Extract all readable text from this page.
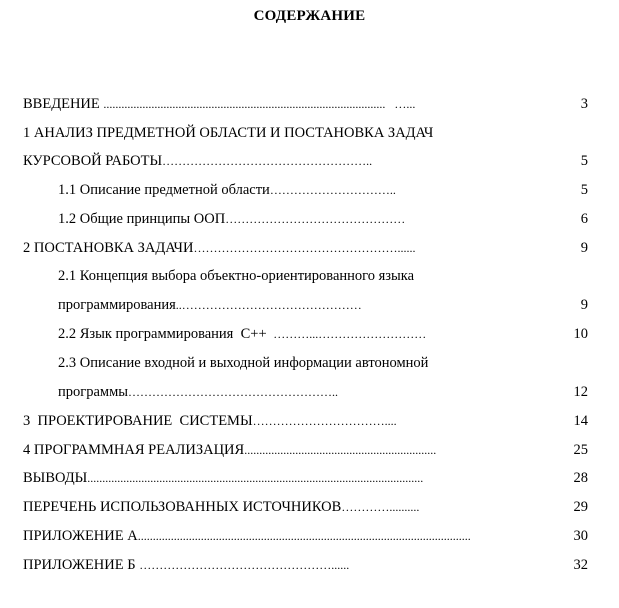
СОДЕРЖАНИЕ
ВВЕДЕНИЕ ..............................................................................................   …...	3
1 АНАЛИЗ ПРЕДМЕТНОЙ ОБЛАСТИ И ПОСТАНОВКА ЗАДАЧ
КУРСОВОЙ РАБОТЫ……………………………………………..	5
1.1 Описание предметной области…………………………..	5
1.2 Общие принципы ООП………………………………………	6
2 ПОСТАНОВКА ЗАДАЧИ……………………………………………......	9
2.1 Концепция выбора объектно-ориентированного языка
программирования..………………………………………	9
2.2 Язык программирования  С++  ………...………………………	10
2.3 Описание входной и выходной информации автономной
программы……………………………………………..	12
3  ПРОЕКТИРОВАНИЕ  СИСТЕМЫ……………………………....	14
4 ПРОГРАММНАЯ РЕАЛИЗАЦИЯ................................................................	25
ВЫВОДЫ................................................................................................................	28
ПЕРЕЧЕНЬ ИСПОЛЬЗОВАННЫХ ИСТОЧНИКОВ…………..........	29
ПРИЛОЖЕНИЕ А...............................................................................................................	30
ПРИЛОЖЕНИЕ Б …………………………………………......	32
